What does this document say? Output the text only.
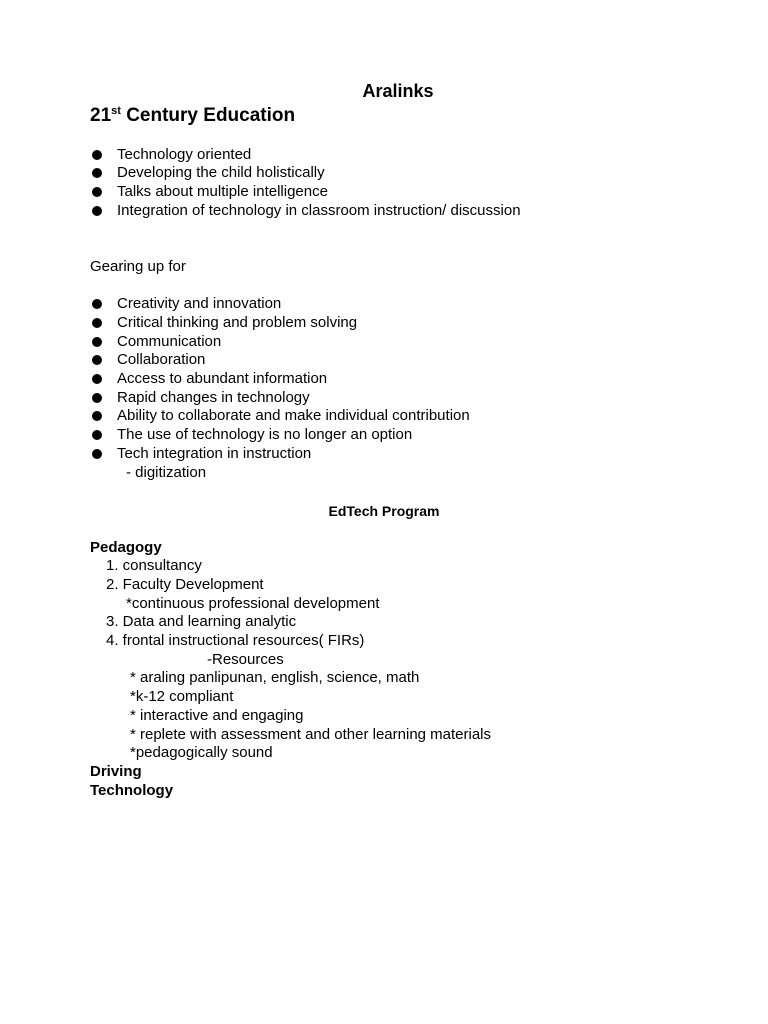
Aralinks
21st Century Education
Technology oriented
Developing the child holistically
Talks about multiple intelligence
Integration of technology in classroom instruction/ discussion
Gearing up for
Creativity and innovation
Critical thinking and problem solving
Communication
Collaboration
Access to abundant information
Rapid changes in technology
Ability to collaborate and make individual contribution
The use of technology is no longer an option
Tech integration in instruction
- digitization
EdTech Program
Pedagogy
1. consultancy
2. Faculty Development
*continuous professional development
3. Data and learning analytic
4. frontal instructional resources( FIRs)
-Resources
* araling panlipunan, english, science, math
*k-12 compliant
* interactive and engaging
* replete with assessment and other learning materials
*pedagogically sound
Driving
Technology
